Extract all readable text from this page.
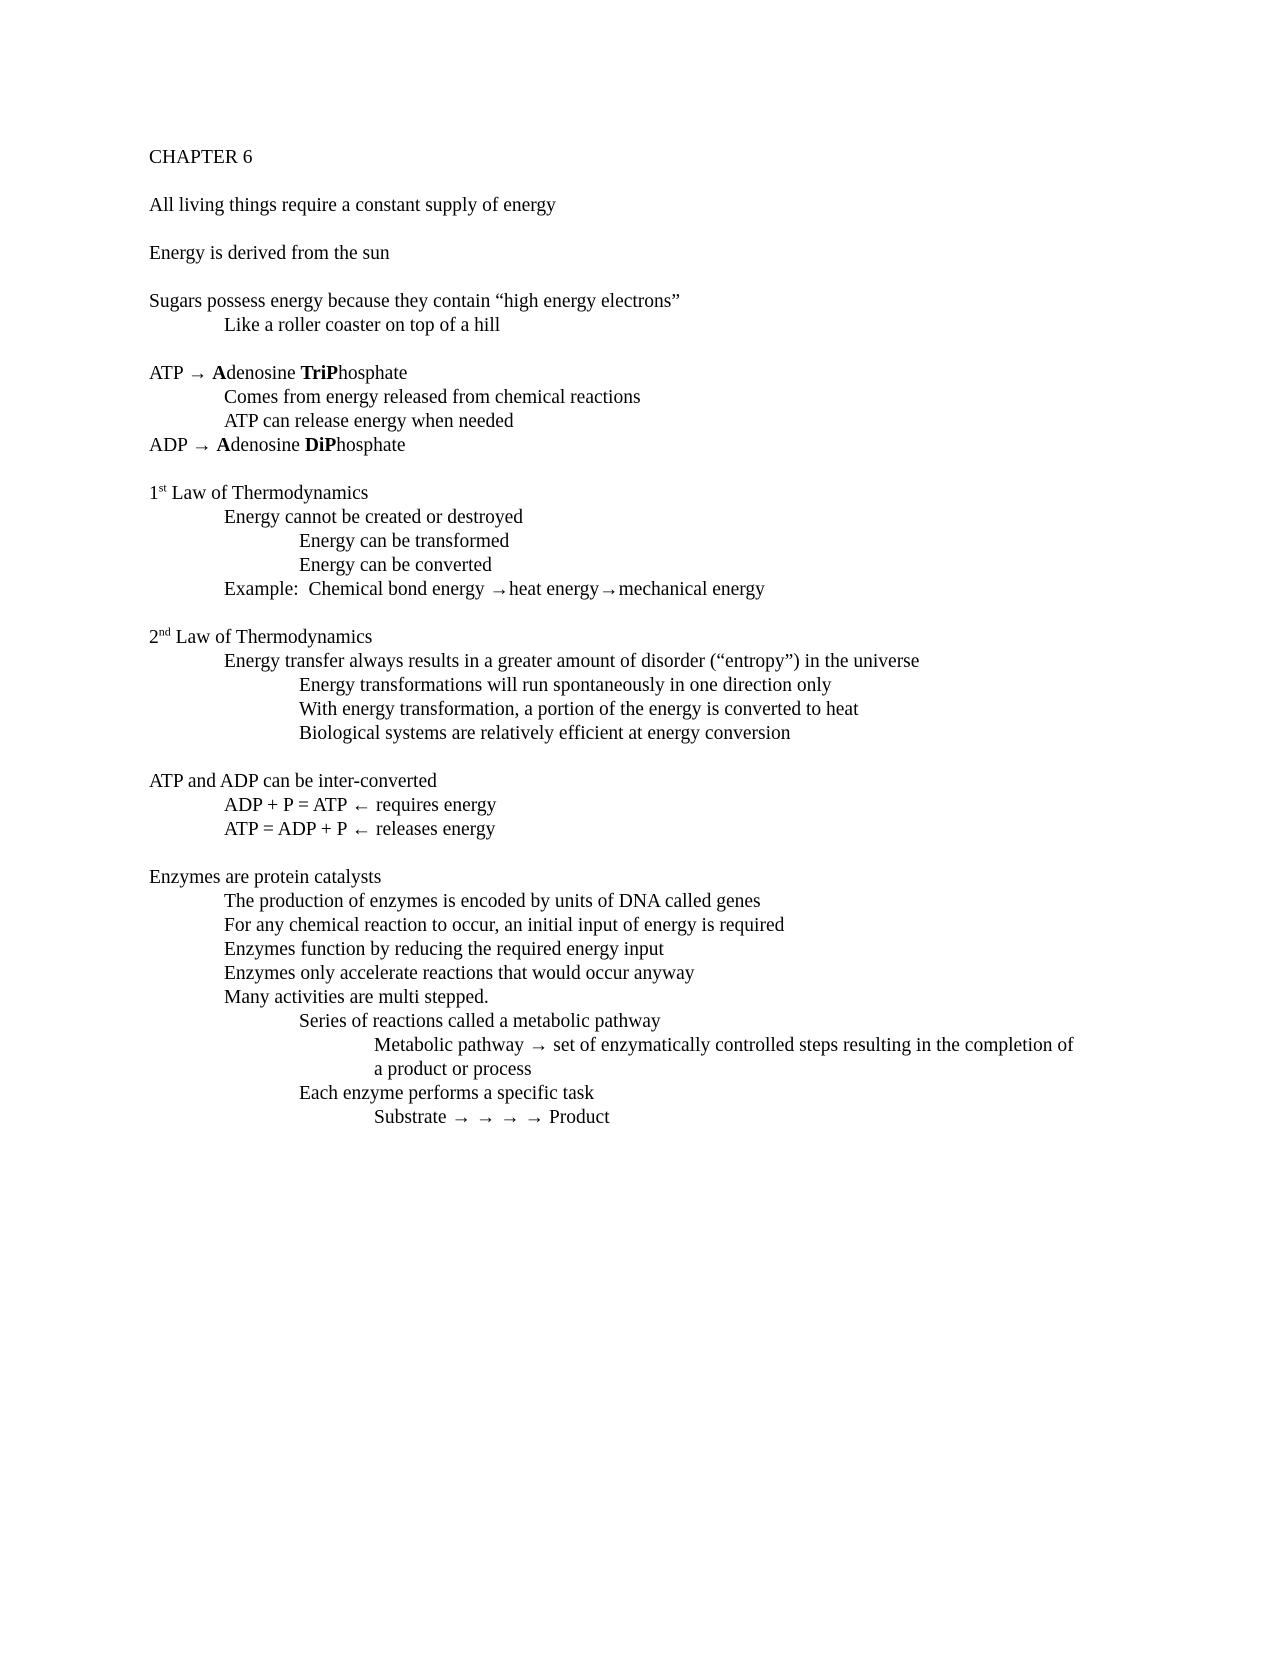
CHAPTER 6
All living things require a constant supply of energy
Energy is derived from the sun
Sugars possess energy because they contain “high energy electrons”
Like a roller coaster on top of a hill
ATP → Adenosine TriPhosphate
Comes from energy released from chemical reactions
ATP can release energy when needed
ADP → Adenosine DiPhosphate
1st Law of Thermodynamics
Energy cannot be created or destroyed
Energy can be transformed
Energy can be converted
Example:  Chemical bond energy →heat energy→mechanical energy
2nd Law of Thermodynamics
Energy transfer always results in a greater amount of disorder (“entropy”) in the universe
Energy transformations will run spontaneously in one direction only
With energy transformation, a portion of the energy is converted to heat
Biological systems are relatively efficient at energy conversion
ATP and ADP can be inter-converted
ADP + P = ATP ← requires energy
ATP = ADP + P ← releases energy
Enzymes are protein catalysts
The production of enzymes is encoded by units of DNA called genes
For any chemical reaction to occur, an initial input of energy is required
Enzymes function by reducing the required energy input
Enzymes only accelerate reactions that would occur anyway
Many activities are multi stepped.
Series of reactions called a metabolic pathway
Metabolic pathway → set of enzymatically controlled steps resulting in the completion of
a product or process
Each enzyme performs a specific task
Substrate → → → → Product
